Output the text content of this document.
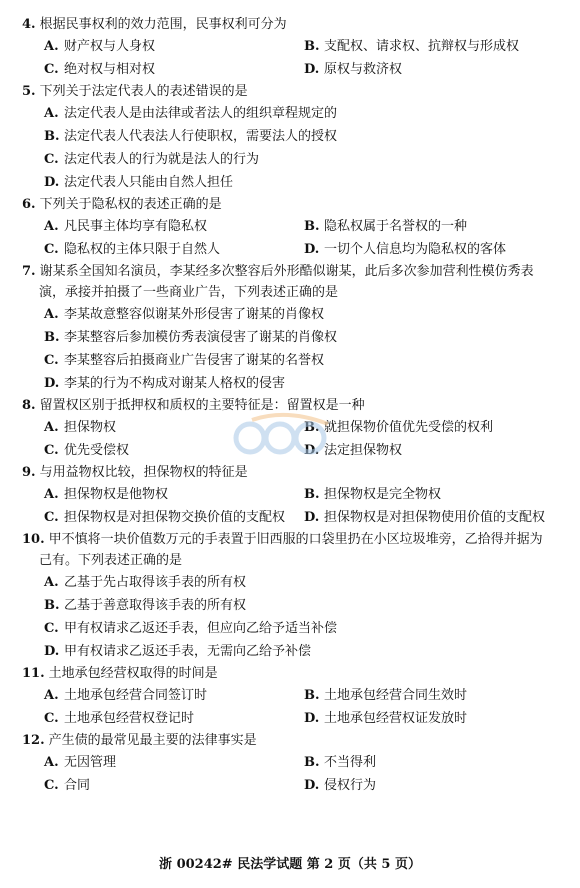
4. 根据民事权利的效力范围，民事权利可分为
A. 财产权与人身权	B. 支配权、请求权、抗辩权与形成权
C. 绝对权与相对权	D. 原权与救济权
5. 下列关于法定代表人的表述错误的是
A. 法定代表人是由法律或者法人的组织章程规定的
B. 法定代表人代表法人行使职权，需要法人的授权
C. 法定代表人的行为就是法人的行为
D. 法定代表人只能由自然人担任
6. 下列关于隐私权的表述正确的是
A. 凡民事主体均享有隐私权	B. 隐私权属于名誉权的一种
C. 隐私权的主体只限于自然人	D. 一切个人信息均为隐私权的客体
7. 谢某系全国知名演员，李某经多次整容后外形酷似谢某，此后多次参加营利性模仿秀表
演，承接并拍摄了一些商业广告，下列表述正确的是
A. 李某故意整容似谢某外形侵害了谢某的肖像权
B. 李某整容后参加模仿秀表演侵害了谢某的肖像权
C. 李某整容后拍摄商业广告侵害了谢某的名誉权
D. 李某的行为不构成对谢某人格权的侵害
8. 留置权区别于抵押权和质权的主要特征是：留置权是一种
A. 担保物权	B. 就担保物价值优先受偿的权利
C. 优先受偿权	D. 法定担保物权
9. 与用益物权比较，担保物权的特征是
A. 担保物权是他物权	B. 担保物权是完全物权
C. 担保物权是对担保物交换价值的支配权	D. 担保物权是对担保物使用价值的支配权
10. 甲不慎将一块价值数万元的手表置于旧西服的口袋里扔在小区垃圾堆旁，乙拾得并据为
己有。下列表述正确的是
A. 乙基于先占取得该手表的所有权
B. 乙基于善意取得该手表的所有权
C. 甲有权请求乙返还手表，但应向乙给予适当补偿
D. 甲有权请求乙返还手表，无需向乙给予补偿
11. 土地承包经营权取得的时间是
A. 土地承包经营合同签订时	B. 土地承包经营合同生效时
C. 土地承包经营权登记时	D. 土地承包经营权证发放时
12. 产生债的最常见最主要的法律事实是
A. 无因管理	B. 不当得利
C. 合同	D. 侵权行为
浙 00242# 民法学试题 第 2 页（共 5 页）
